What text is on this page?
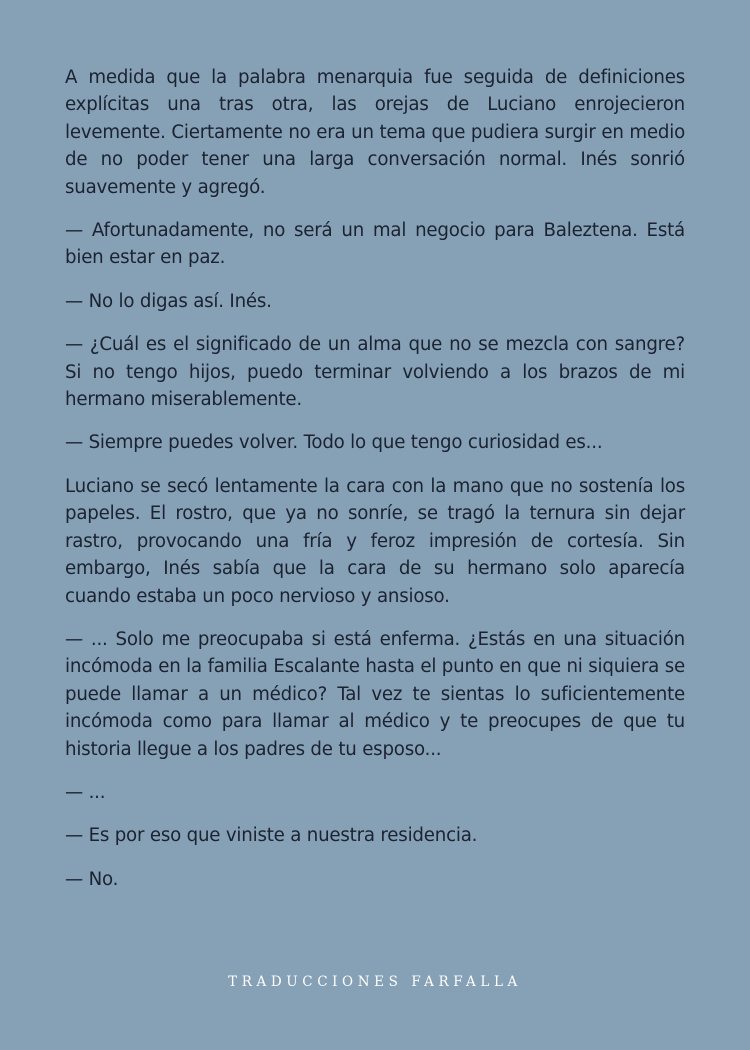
A medida que la palabra menarquia fue seguida de definiciones explícitas una tras otra, las orejas de Luciano enrojecieron levemente. Ciertamente no era un tema que pudiera surgir en medio de no poder tener una larga conversación normal. Inés sonrió suavemente y agregó.

— Afortunadamente, no será un mal negocio para Baleztena. Está bien estar en paz.

— No lo digas así. Inés.

— ¿Cuál es el significado de un alma que no se mezcla con sangre? Si no tengo hijos, puedo terminar volviendo a los brazos de mi hermano miserablemente.

— Siempre puedes volver. Todo lo que tengo curiosidad es...

Luciano se secó lentamente la cara con la mano que no sostenía los papeles. El rostro, que ya no sonríe, se tragó la ternura sin dejar rastro, provocando una fría y feroz impresión de cortesía. Sin embargo, Inés sabía que la cara de su hermano solo aparecía cuando estaba un poco nervioso y ansioso.

— ... Solo me preocupaba si está enferma. ¿Estás en una situación incómoda en la familia Escalante hasta el punto en que ni siquiera se puede llamar a un médico? Tal vez te sientas lo suficientemente incómoda como para llamar al médico y te preocupes de que tu historia llegue a los padres de tu esposo...

— ...

— Es por eso que viniste a nuestra residencia.

— No.

TRADUCCIONES FARFALLA
